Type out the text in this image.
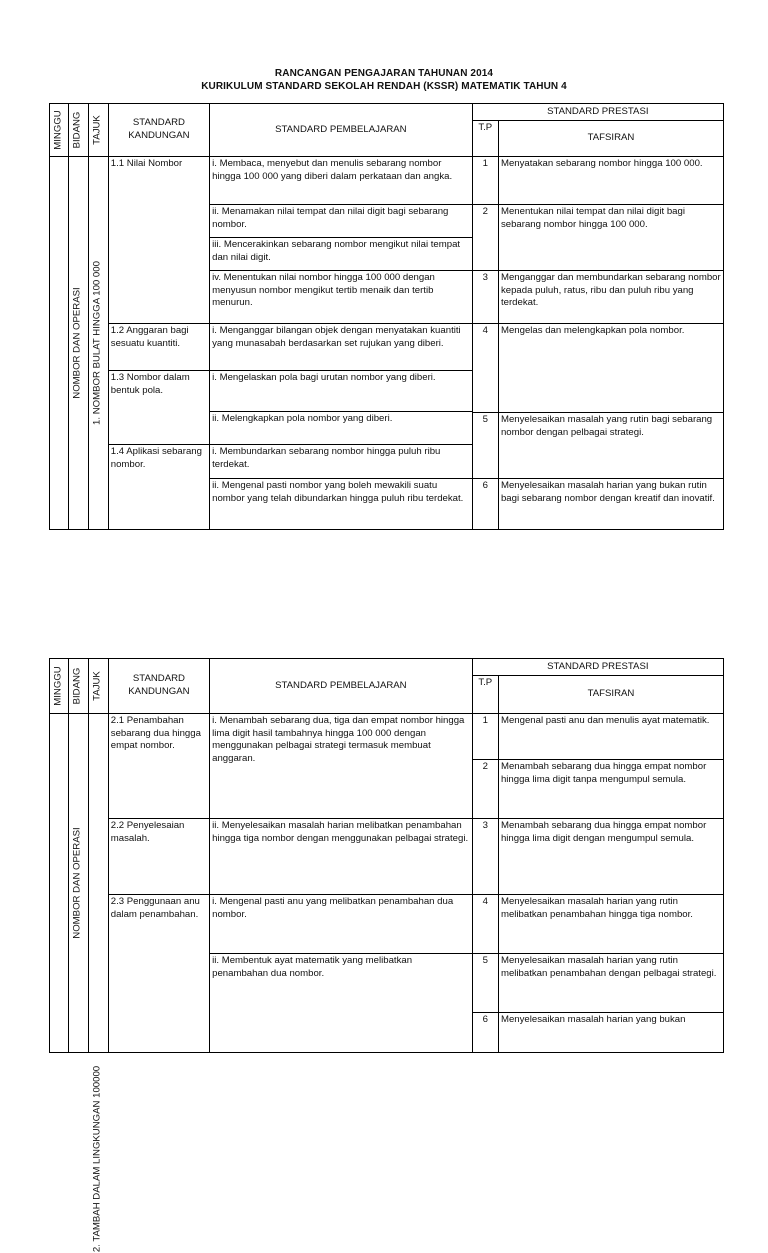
RANCANGAN PENGAJARAN TAHUNAN 2014
KURIKULUM STANDARD SEKOLAH RENDAH (KSSR) MATEMATIK TAHUN 4
MINGGU	BIDANG	TAJUK	STANDARD KANDUNGAN	STANDARD PEMBELAJARAN	STANDARD PRESTASI	
					T.P	TAFSIRAN

	NOMBOR DAN OPERASI	1. NOMBOR BULAT HINGGA 100 000	1.1 Nilai Nombor	i. Membaca, menyebut dan menulis sebarang nombor hingga 100 000 yang diberi dalam perkataan dan angka.	1	Menyatakan sebarang nombor hingga 100 000.
				ii. Menamakan nilai tempat dan nilai digit bagi sebarang nombor.	2	Menentukan nilai tempat dan nilai digit bagi sebarang nombor hingga 100 000.
				iii. Mencerakinkan sebarang nombor mengikut nilai tempat dan nilai digit.		
				iv. Menentukan nilai nombor hingga 100 000 dengan menyusun nombor mengikut tertib menaik dan tertib menurun.	3	Menganggar dan membundarkan sebarang nombor kepada puluh, ratus, ribu dan puluh ribu yang terdekat.
			1.2 Anggaran bagi sesuatu kuantiti.	i. Menganggar bilangan objek dengan menyatakan kuantiti yang munasabah berdasarkan set rujukan yang diberi.	4	Mengelas dan melengkapkan pola nombor.
			1.3 Nombor dalam bentuk pola.	i. Mengelaskan pola bagi urutan nombor yang diberi.		
				ii. Melengkapkan pola nombor yang diberi.		
					5	Menyelesaikan masalah yang rutin bagi sebarang nombor dengan pelbagai strategi.
			1.4 Aplikasi sebarang nombor.	i. Membundarkan sebarang nombor hingga puluh ribu terdekat.		
				ii. Mengenal pasti nombor yang boleh mewakili suatu nombor yang telah dibundarkan hingga puluh ribu terdekat.	6	Menyelesaikan masalah harian yang bukan rutin bagi sebarang nombor dengan kreatif dan inovatif.
MINGGU	BIDANG	TAJUK	STANDARD KANDUNGAN	STANDARD PEMBELAJARAN	STANDARD PRESTASI	
					T.P	TAFSIRAN

	NOMBOR DAN OPERASI	2. TAMBAH DALAM LINGKUNGAN 100000	2.1 Penambahan sebarang dua hingga empat nombor.	i. Menambah sebarang dua, tiga dan empat nombor hingga lima digit hasil tambahnya hingga 100 000 dengan menggunakan pelbagai strategi termasuk membuat anggaran.	1	Mengenal pasti anu dan menulis ayat matematik.
					2	Menambah sebarang dua hingga empat nombor hingga lima digit tanpa mengumpul semula.
			2.2 Penyelesaian masalah.	ii. Menyelesaikan masalah harian melibatkan penambahan hingga tiga nombor dengan menggunakan pelbagai strategi.	3	Menambah sebarang dua hingga empat nombor hingga lima digit dengan mengumpul semula.
			2.3 Penggunaan anu dalam penambahan.	i. Mengenal pasti anu yang melibatkan penambahan dua nombor.	4	Menyelesaikan masalah harian yang rutin melibatkan penambahan hingga tiga nombor.
				ii. Membentuk ayat matematik yang melibatkan penambahan dua nombor.	5	Menyelesaikan masalah harian yang rutin melibatkan penambahan dengan pelbagai strategi.
					6	Menyelesaikan masalah harian yang bukan
